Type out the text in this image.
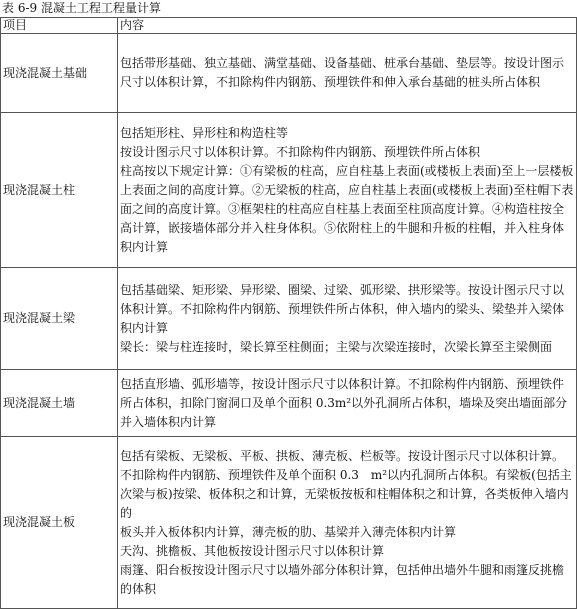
表 6-9 混凝土工程工程量计算
项目	内容
现浇混凝土基础	包括带形基础、独立基础、满堂基础、设备基础、桩承台基础、垫层等。按设计图示尺寸以体积计算，不扣除构件内钢筋、预埋铁件和伸入承台基础的桩头所占体积

现浇混凝土柱	包括矩形柱、异形柱和构造柱等
按设计图示尺寸以体积计算。不扣除构件内钢筋、预埋铁件所占体积
柱高按以下规定计算：①有梁板的柱高，应自柱基上表面(或楼板上表面)至上一层楼板上表面之间的高度计算。②无梁板的柱高，应自柱基上表面(或楼板上表面)至柱帽下表面之间的高度计算。③框架柱的柱高应自柱基上表面至柱顶高度计算。④构造柱按全高计算，嵌接墙体部分并入柱身体积。⑤依附柱上的牛腿和升板的柱帽，并入柱身体积内计算

现浇混凝土梁	包括基础梁、矩形梁、异形梁、圈梁、过梁、弧形梁、拱形梁等。按设计图示尺寸以体积计算。不扣除构件内钢筋、预埋铁件所占体积，伸入墙内的梁头、梁垫并入梁体积内计算
梁长：梁与柱连接时，梁长算至柱侧面；主梁与次梁连接时，次梁长算至主梁侧面

现浇混凝土墙	包括直形墙、弧形墙等，按设计图示尺寸以体积计算。不扣除构件内钢筋、预埋铁件所占体积，扣除门窗洞口及单个面积 0.3m²以外孔洞所占体积，墙垛及突出墙面部分并入墙体积内计算

现浇混凝土板	包括有梁板、无梁板、平板、拱板、薄壳板、栏板等。按设计图示尺寸以体积计算。不扣除构件内钢筋、预埋铁件及单个面积 0.3　m²以内孔洞所占体积。有梁板(包括主次梁与板)按梁、板体积之和计算，无梁板按板和柱帽体积之和计算，各类板伸入墙内的
板头并入板体积内计算，薄壳板的肋、基梁并入薄壳体积内计算
天沟、挑檐板、其他板按设计图示尺寸以体积计算
雨篷、阳台板按设计图示尺寸以墙外部分体积计算，包括伸出墙外牛腿和雨篷反挑檐的体积
